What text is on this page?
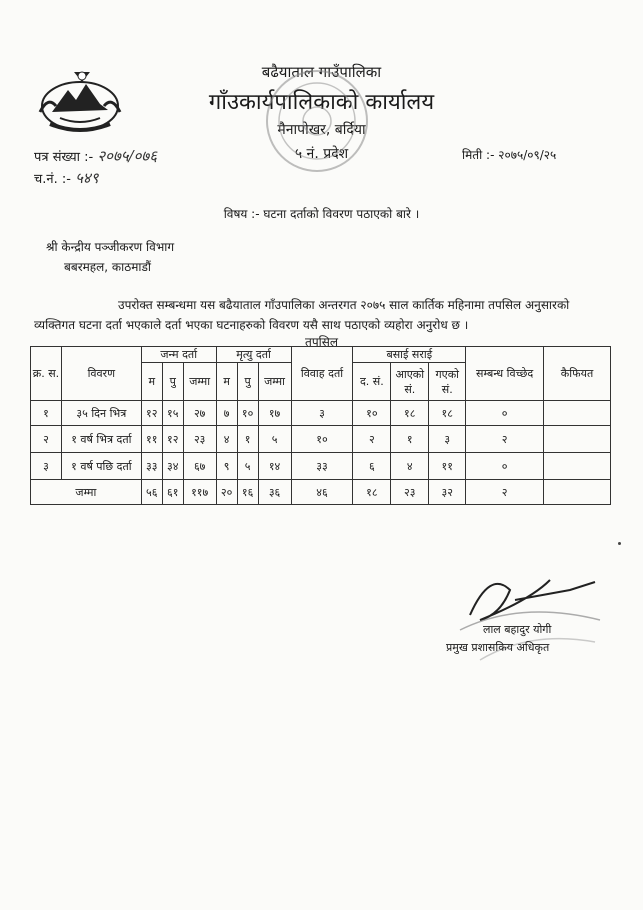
बढैयाताल गाउँपालिका
गाँउकार्यपालिकाको कार्यालय
मैनापोखर, बर्दिया
५ नं. प्रदेश
पत्र संख्या :- २०७५/०७६
च.नं. :- ५४९
मिती :- २०७५/०९/२५
विषय :- घटना दर्ताको विवरण पठाएको बारे ।
श्री केन्द्रीय पञ्जीकरण विभाग
बबरमहल, काठमाडौं
उपरोक्त सम्बन्धमा यस बढैयाताल गाँउपालिका अन्तरगत २०७५ साल कार्तिक महिनामा तपसिल अनुसारको
व्यक्तिगत घटना दर्ता भएकाले दर्ता भएका घटनाहरुको विवरण यसै साथ पठाएको व्यहोरा अनुरोध छ ।
तपसिल
क्र. स.	विवरण	जन्म दर्ता			मृत्यु दर्ता			विवाह दर्ता	बसाई सराई			सम्बन्ध विच्छेद	कैफियत
		म	पु	जम्मा	म	पु	जम्मा		द. सं.	आएको सं.	गएको सं.		
१	३५ दिन भित्र	१२	१५	२७	७	१०	१७	३	१०	१८	१८	०	
२	१ वर्ष भित्र दर्ता	११	१२	२३	४	१	५	१०	२	१	३	२	
३	१ वर्ष पछि दर्ता	३३	३४	६७	९	५	१४	३३	६	४	११	०	
जम्मा		५६	६१	११७	२०	१६	३६	४६	१८	२३	३२	२	
लाल बहादुर योगी
प्रमुख प्रशासकिय अधिकृत
